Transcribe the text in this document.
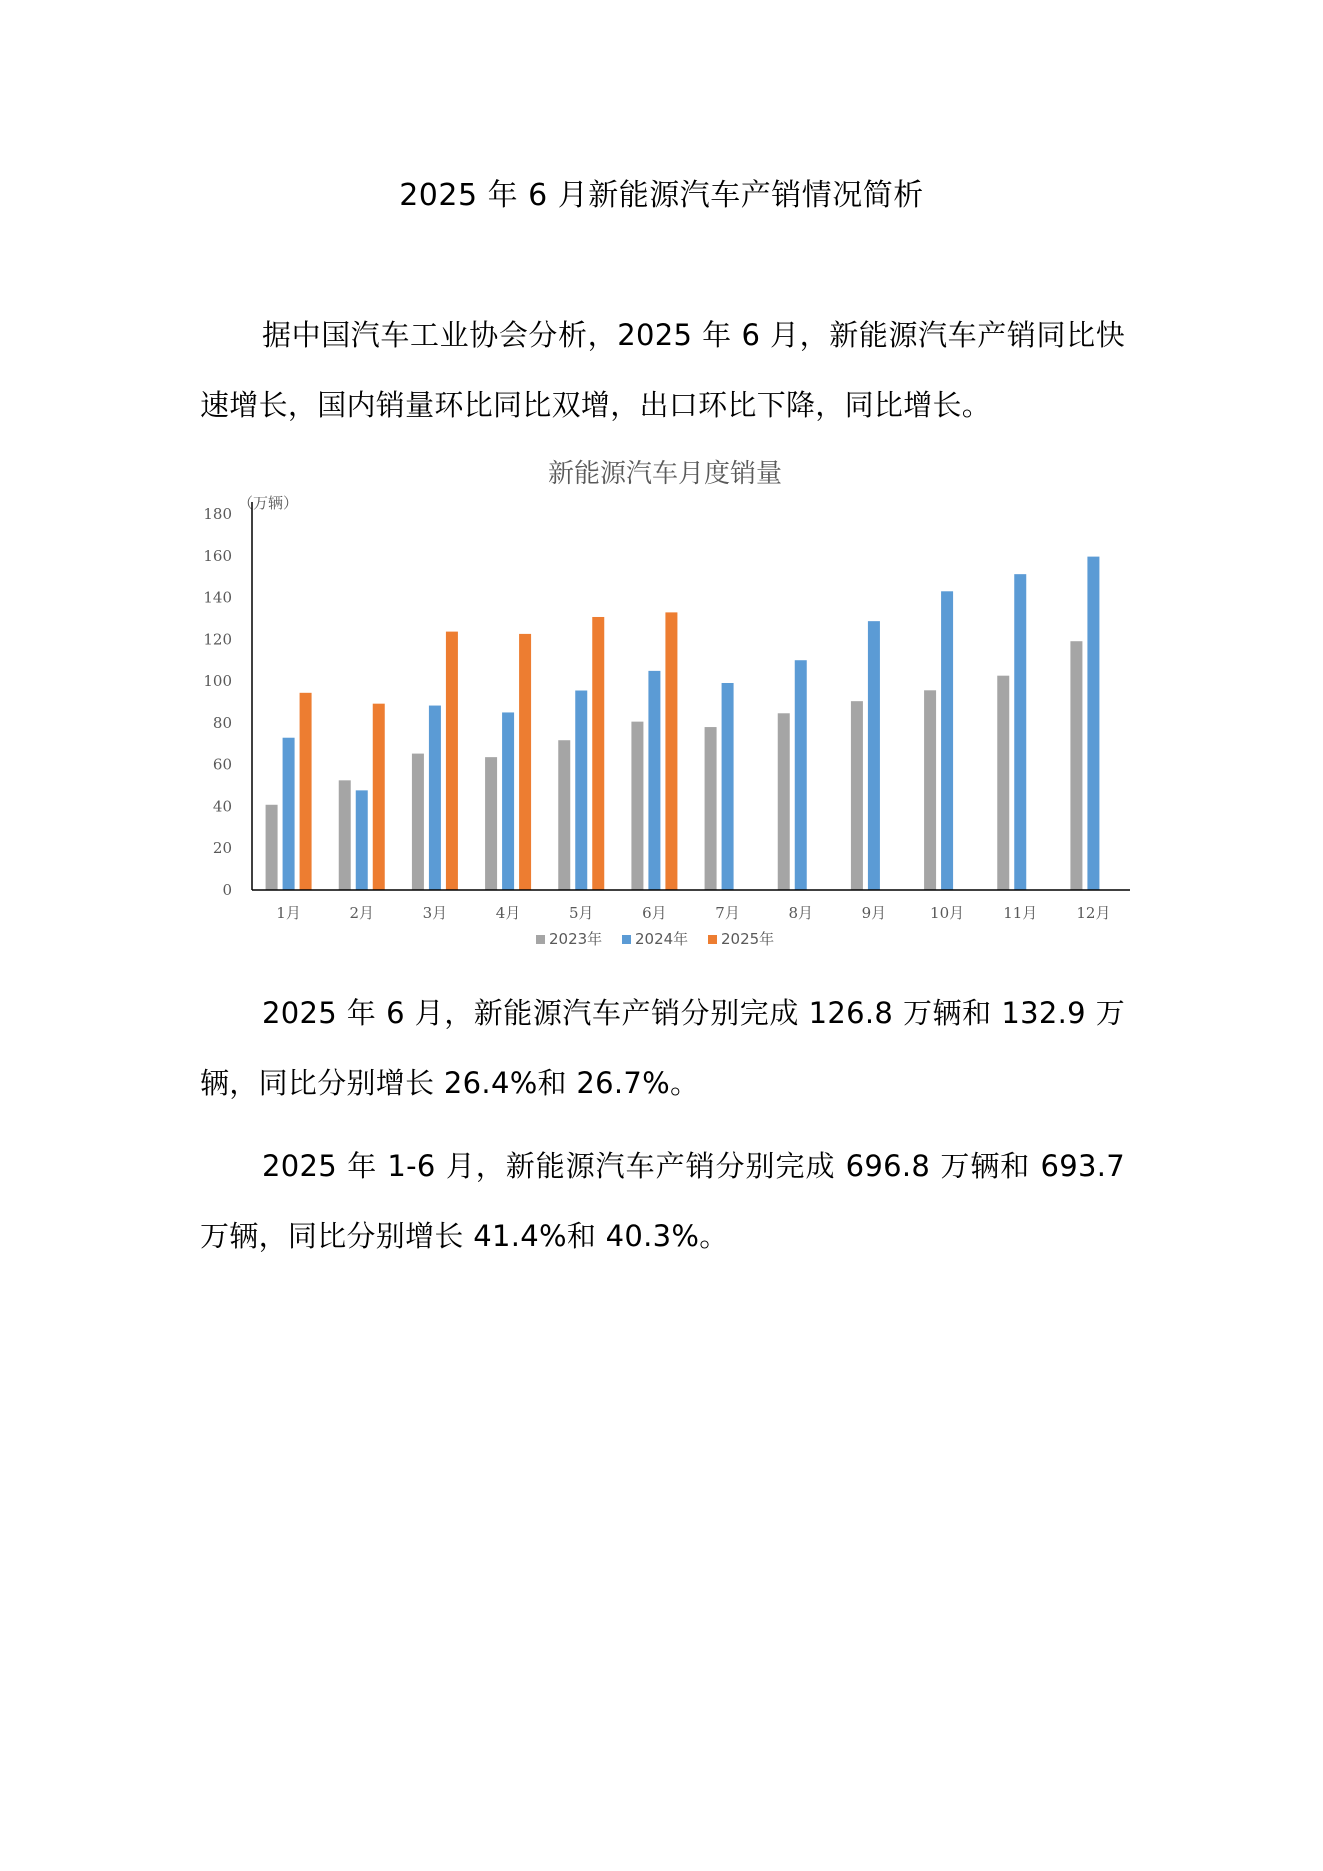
2025 年 6 月新能源汽车产销情况简析

据中国汽车工业协会分析，2025 年 6 月，新能源汽车产销同比快速增长，国内销量环比同比双增，出口环比下降，同比增长。

新能源汽车月度销量
（万辆）
0
20
40
60
80
100
120
140
160
180
1月	2月	3月	4月	5月	6月	7月	8月	9月	10月	11月	12月
2023年 2024年 2025年

2025 年 6 月，新能源汽车产销分别完成 126.8 万辆和 132.9 万辆，同比分别增长 26.4%和 26.7%。

2025 年 1-6 月，新能源汽车产销分别完成 696.8 万辆和 693.7 万辆，同比分别增长 41.4%和 40.3%。
